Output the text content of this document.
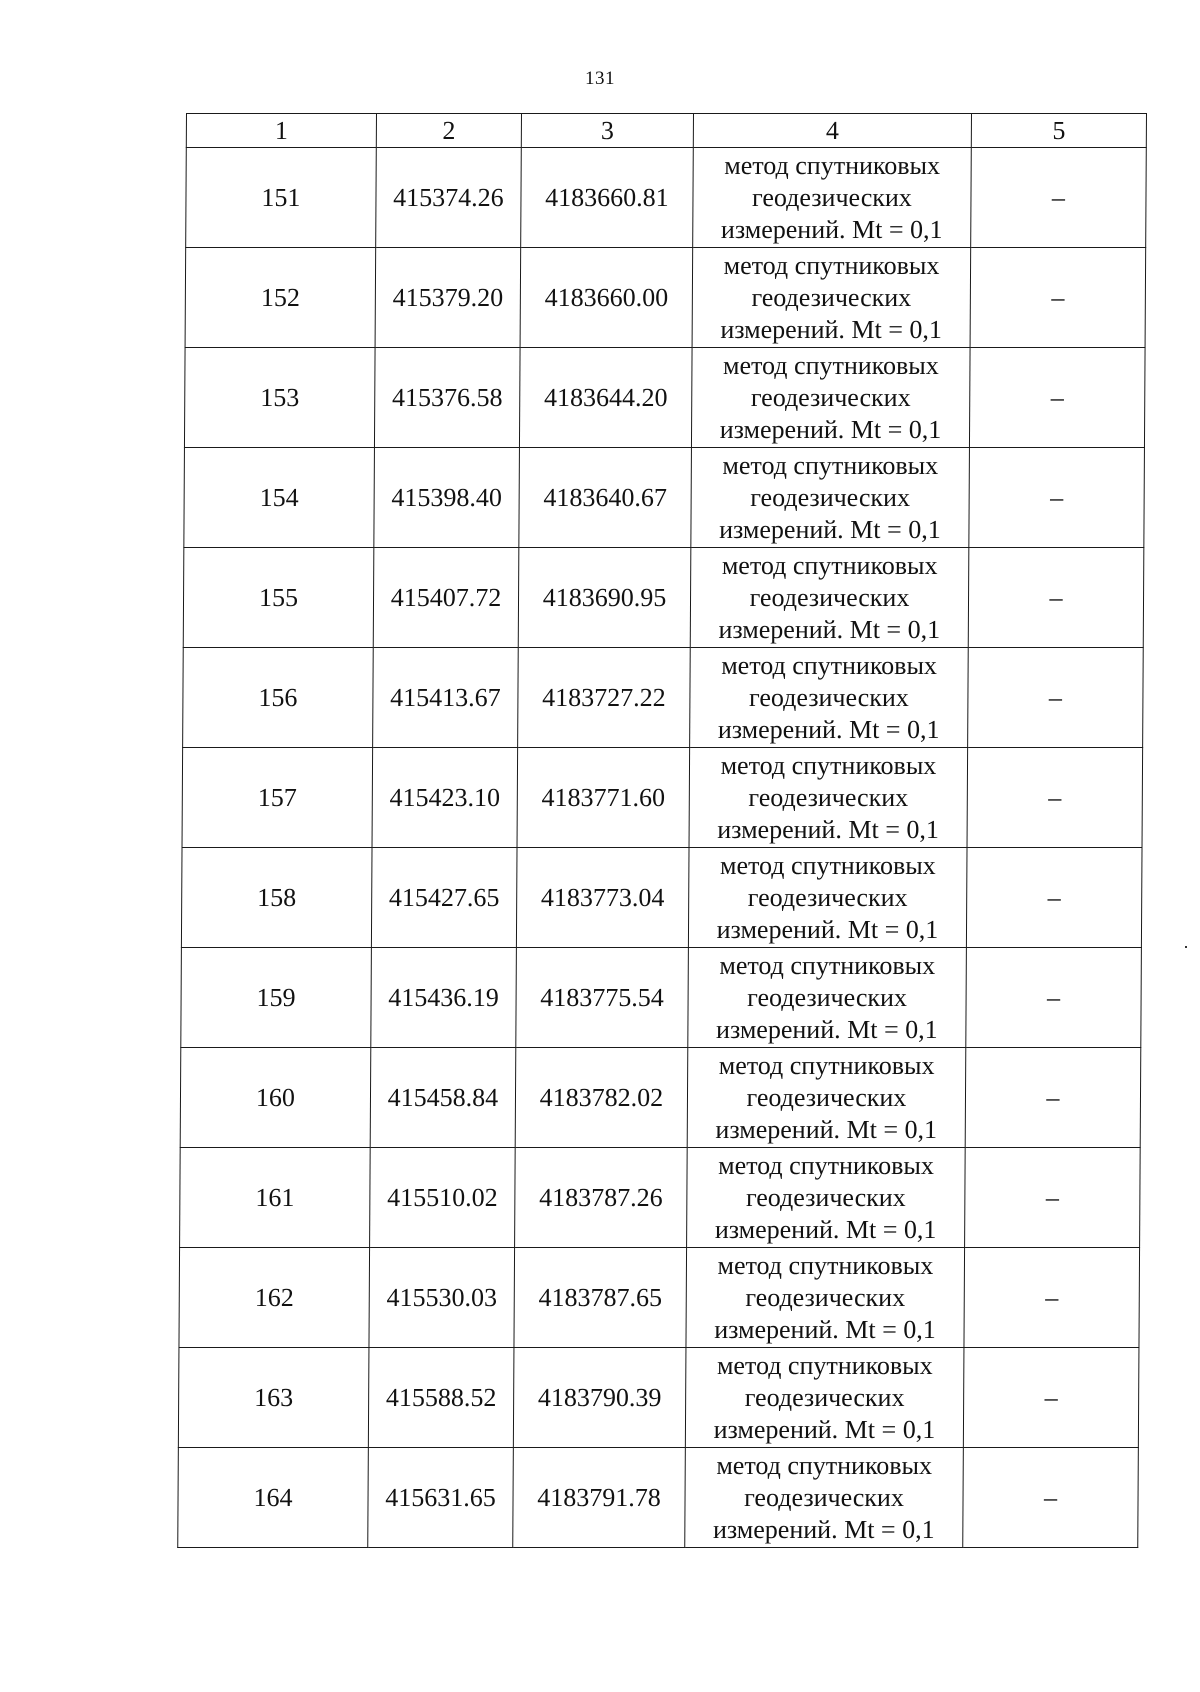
131
1	2	3	4	5
151	415374.26	4183660.81	метод спутниковых
геодезических
измерений. Mt = 0,1	–
152	415379.20	4183660.00	метод спутниковых
геодезических
измерений. Mt = 0,1	–
153	415376.58	4183644.20	метод спутниковых
геодезических
измерений. Mt = 0,1	–
154	415398.40	4183640.67	метод спутниковых
геодезических
измерений. Mt = 0,1	–
155	415407.72	4183690.95	метод спутниковых
геодезических
измерений. Mt = 0,1	–
156	415413.67	4183727.22	метод спутниковых
геодезических
измерений. Mt = 0,1	–
157	415423.10	4183771.60	метод спутниковых
геодезических
измерений. Mt = 0,1	–
158	415427.65	4183773.04	метод спутниковых
геодезических
измерений. Mt = 0,1	–
159	415436.19	4183775.54	метод спутниковых
геодезических
измерений. Mt = 0,1	–
160	415458.84	4183782.02	метод спутниковых
геодезических
измерений. Mt = 0,1	–
161	415510.02	4183787.26	метод спутниковых
геодезических
измерений. Mt = 0,1	–
162	415530.03	4183787.65	метод спутниковых
геодезических
измерений. Mt = 0,1	–
163	415588.52	4183790.39	метод спутниковых
геодезических
измерений. Mt = 0,1	–
164	415631.65	4183791.78	метод спутниковых
геодезических
измерений. Mt = 0,1	–
